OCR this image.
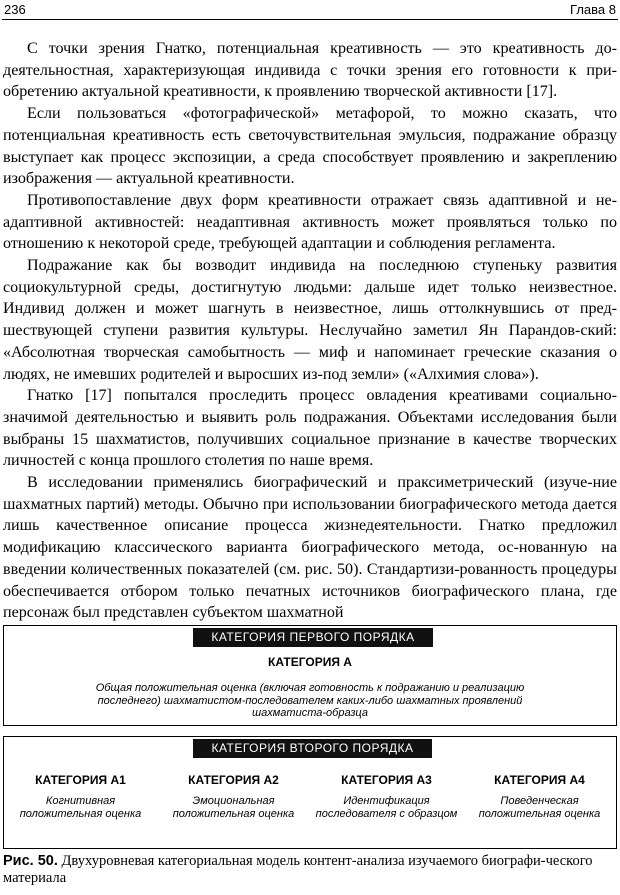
236	Глава 8

С точки зрения Гнатко, потенциальная креативность — это креативность до-деятельностная, характеризующая индивида с точки зрения его готовности к при-обретению актуальной креативности, к проявлению творческой активности [17].

Если пользоваться «фотографической» метафорой, то можно сказать, что потенциальная креативность есть светочувствительная эмульсия, подражание образцу выступает как процесс экспозиции, а среда способствует проявлению и закреплению изображения — актуальной креативности.

Противопоставление двух форм креативности отражает связь адаптивной и не-адаптивной активностей: неадаптивная активность может проявляться только по отношению к некоторой среде, требующей адаптации и соблюдения регламента.

Подражание как бы возводит индивида на последнюю ступеньку развития социокультурной среды, достигнутую людьми: дальше идет только неизвестное. Индивид должен и может шагнуть в неизвестное, лишь оттолкнувшись от пред-шествующей ступени развития культуры. Неслучайно заметил Ян Парандов-ский: «Абсолютная творческая самобытность — миф и напоминает греческие сказания о людях, не имевших родителей и выросших из-под земли» («Алхимия слова»).

Гнатко [17] попытался проследить процесс овладения креативами социально-значимой деятельностью и выявить роль подражания. Объектами исследования были выбраны 15 шахматистов, получивших социальное признание в качестве творческих личностей с конца прошлого столетия по наше время.

В исследовании применялись биографический и праксиметрический (изуче-ние шахматных партий) методы. Обычно при использовании биографического метода дается лишь качественное описание процесса жизнедеятельности. Гнатко предложил модификацию классического варианта биографического метода, ос-нованную на введении количественных показателей (см. рис. 50). Стандартизи-рованность процедуры обеспечивается отбором только печатных источников биографического плана, где персонаж был представлен субъектом шахматной

КАТЕГОРИЯ ПЕРВОГО ПОРЯДКА
КАТЕГОРИЯ А
Общая положительная оценка (включая готовность к подражанию и реализацию последнего) шахматистом-последователем каких-либо шахматных проявлений шахматиста-образца
КАТЕГОРИЯ ВТОРОГО ПОРЯДКА
КАТЕГОРИЯ А1
Когнитивная положительная оценка
КАТЕГОРИЯ А2
Эмоциональная положительная оценка
КАТЕГОРИЯ А3
Идентификация последователя с образцом
КАТЕГОРИЯ А4
Поведенческая положительная оценка
Рис. 50. Двухуровневая категориальная модель контент-анализа изучаемого биографи-ческого материала
